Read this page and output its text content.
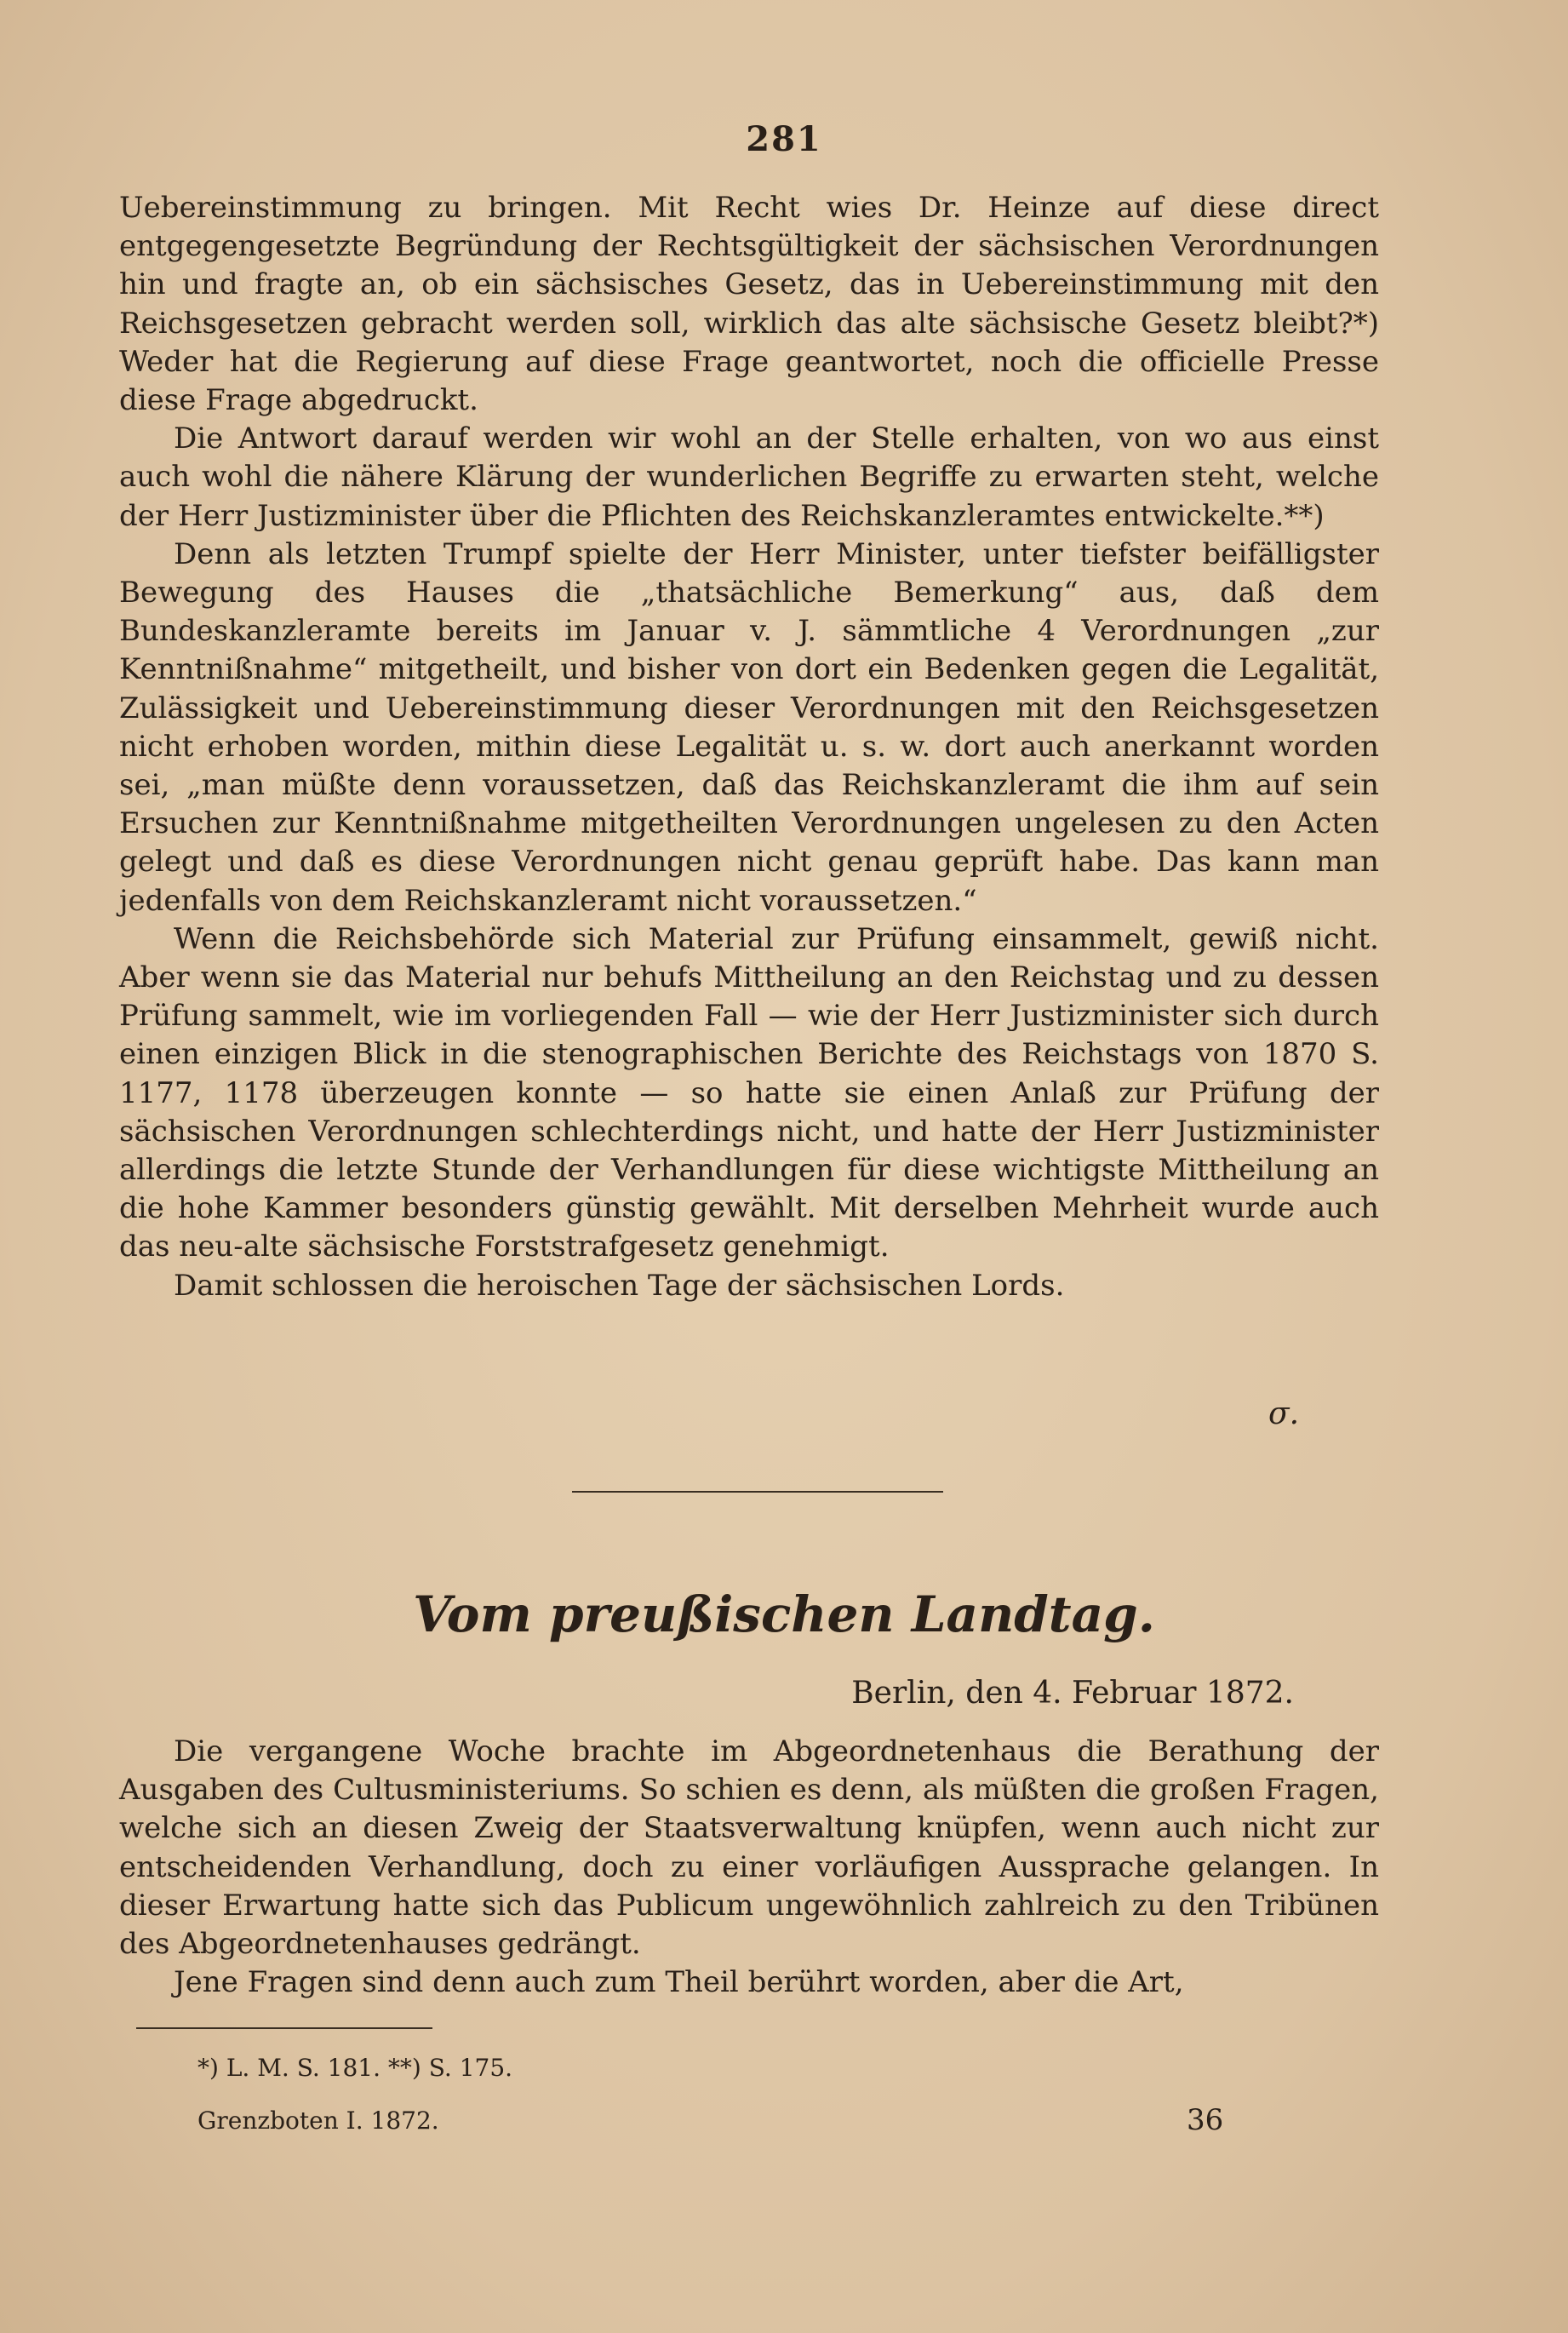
281

Uebereinstimmung zu bringen. Mit Recht wies Dr. Heinze auf diese direct entgegengesetzte Begründung der Rechtsgültigkeit der sächsischen Verordnungen hin und fragte an, ob ein sächsisches Gesetz, das in Uebereinstimmung mit den Reichsgesetzen gebracht werden soll, wirklich das alte sächsische Gesetz bleibt?*) Weder hat die Regierung auf diese Frage geantwortet, noch die officielle Presse diese Frage abgedruckt.

Die Antwort darauf werden wir wohl an der Stelle erhalten, von wo aus einst auch wohl die nähere Klärung der wunderlichen Begriffe zu erwarten steht, welche der Herr Justizminister über die Pflichten des Reichskanzleramtes entwickelte.**)

Denn als letzten Trumpf spielte der Herr Minister, unter tiefster beifälligster Bewegung des Hauses die „thatsächliche Bemerkung“ aus, daß dem Bundeskanzleramte bereits im Januar v. J. sämmtliche 4 Verordnungen „zur Kenntnißnahme“ mitgetheilt, und bisher von dort ein Bedenken gegen die Legalität, Zulässigkeit und Uebereinstimmung dieser Verordnungen mit den Reichsgesetzen nicht erhoben worden, mithin diese Legalität u. s. w. dort auch anerkannt worden sei, „man müßte denn voraussetzen, daß das Reichskanzleramt die ihm auf sein Ersuchen zur Kenntnißnahme mitgetheilten Verordnungen ungelesen zu den Acten gelegt und daß es diese Verordnungen nicht genau geprüft habe. Das kann man jedenfalls von dem Reichskanzleramt nicht voraussetzen.“

Wenn die Reichsbehörde sich Material zur Prüfung einsammelt, gewiß nicht. Aber wenn sie das Material nur behufs Mittheilung an den Reichstag und zu dessen Prüfung sammelt, wie im vorliegenden Fall — wie der Herr Justizminister sich durch einen einzigen Blick in die stenographischen Berichte des Reichstags von 1870 S. 1177, 1178 überzeugen konnte — so hatte sie einen Anlaß zur Prüfung der sächsischen Verordnungen schlechterdings nicht, und hatte der Herr Justizminister allerdings die letzte Stunde der Verhandlungen für diese wichtigste Mittheilung an die hohe Kammer besonders günstig gewählt. Mit derselben Mehrheit wurde auch das neu-alte sächsische Forststrafgesetz genehmigt.

Damit schlossen die heroischen Tage der sächsischen Lords.

σ.
Vom preußischen Landtag.
Berlin, den 4. Februar 1872.

Die vergangene Woche brachte im Abgeordnetenhaus die Berathung der Ausgaben des Cultusministeriums. So schien es denn, als müßten die großen Fragen, welche sich an diesen Zweig der Staatsverwaltung knüpfen, wenn auch nicht zur entscheidenden Verhandlung, doch zu einer vorläufigen Aussprache gelangen. In dieser Erwartung hatte sich das Publicum ungewöhnlich zahlreich zu den Tribünen des Abgeordnetenhauses gedrängt.

Jene Fragen sind denn auch zum Theil berührt worden, aber die Art,

*) L. M. S. 181. **) S. 175.
Grenzboten I. 1872.	36
